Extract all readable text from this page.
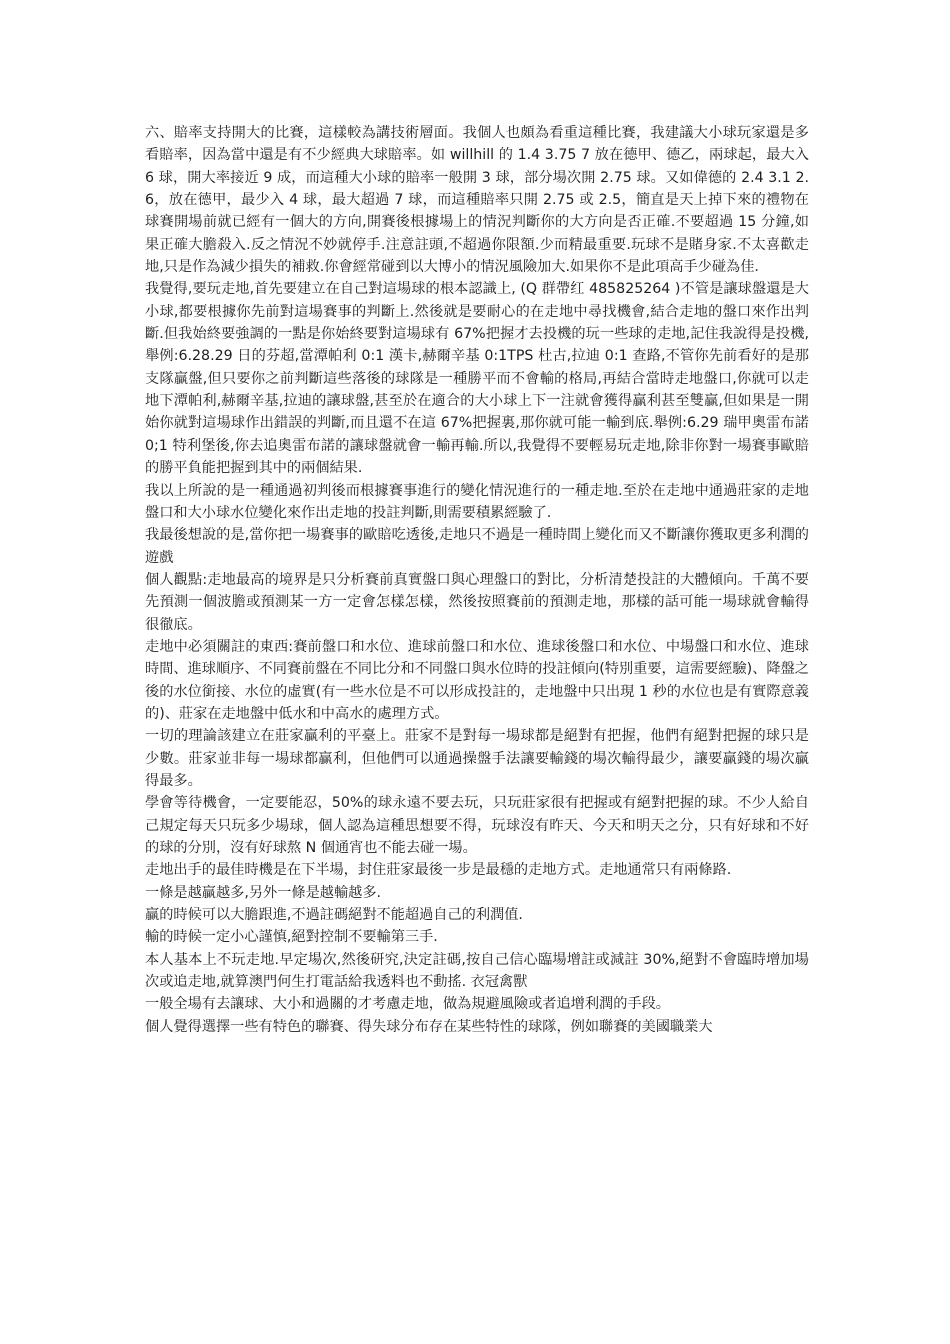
六、賠率支持開大的比賽，這樣較為講技術層面。我個人也頗為看重這種比賽，我建議大小球玩家還是多看賠率，因為當中還是有不少經典大球賠率。如 willhill 的 1.4 3.75 7 放在德甲、德乙，兩球起，最大入 6 球，開大率接近 9 成，而這種大小球的賠率一般開 3 球，部分場次開 2.75 球。又如偉德的 2.4 3.1 2.6，放在德甲，最少入 4 球，最大超過 7 球，而這種賠率只開 2.75 或 2.5，簡直是天上掉下來的禮物在球賽開場前就已經有一個大的方向,開賽後根據場上的情況判斷你的大方向是否正確.不要超過 15 分鐘,如果正確大膽殺入.反之情況不妙就停手.注意註頭,不超過你限額.少而精最重要.玩球不是賭身家.不太喜歡走地,只是作為減少損失的補救.你會經常碰到以大博小的情況風險加大.如果你不是此項高手少碰為佳.

我覺得,要玩走地,首先要建立在自己對這場球的根本認識上, (Q 群帶红 485825264 )不管是讓球盤還是大小球,都要根據你先前對這場賽事的判斷上.然後就是要耐心的在走地中尋找機會,結合走地的盤口來作出判斷.但我始終要強調的一點是你始終要對這場球有 67%把握才去投機的玩一些球的走地,記住我說得是投機,舉例:6.28.29 日的芬超,當潭帕利 0:1 漢卡,赫爾辛基 0:1TPS 杜古,拉迪 0:1 查路,不管你先前看好的是那支隊贏盤,但只要你之前判斷這些落後的球隊是一種勝平而不會輸的格局,再結合當時走地盤口,你就可以走地下潭帕利,赫爾辛基,拉迪的讓球盤,甚至於在適合的大小球上下一注就會獲得贏利甚至雙贏,但如果是一開始你就對這場球作出錯誤的判斷,而且還不在這 67%把握裏,那你就可能一輸到底.舉例:6.29 瑞甲奧雷布諾 0;1 特利堡後,你去追奧雷布諾的讓球盤就會一輸再輸.所以,我覺得不要輕易玩走地,除非你對一場賽事歐賠的勝平負能把握到其中的兩個結果.

我以上所說的是一種通過初判後而根據賽事進行的變化情況進行的一種走地.至於在走地中通過莊家的走地盤口和大小球水位變化來作出走地的投註判斷,則需要積累經驗了.

我最後想說的是,當你把一場賽事的歐賠吃透後,走地只不過是一種時間上變化而又不斷讓你獲取更多利潤的遊戲

個人觀點:走地最高的境界是只分析賽前真實盤口與心理盤口的對比，分析清楚投註的大體傾向。千萬不要先預測一個波膽或預測某一方一定會怎樣怎樣，然後按照賽前的預測走地，那樣的話可能一場球就會輸得很徹底。

走地中必須關註的東西:賽前盤口和水位、進球前盤口和水位、進球後盤口和水位、中場盤口和水位、進球時間、進球順序、不同賽前盤在不同比分和不同盤口與水位時的投註傾向(特別重要，這需要經驗)、降盤之後的水位銜接、水位的虛實(有一些水位是不可以形成投註的，走地盤中只出現 1 秒的水位也是有實際意義的)、莊家在走地盤中低水和中高水的處理方式。

一切的理論該建立在莊家贏利的平臺上。莊家不是對每一場球都是絕對有把握，他們有絕對把握的球只是少數。莊家並非每一場球都贏利，但他們可以通過操盤手法讓要輸錢的場次輸得最少，讓要贏錢的場次贏得最多。

學會等待機會，一定要能忍，50%的球永遠不要去玩，只玩莊家很有把握或有絕對把握的球。不少人給自己規定每天只玩多少場球，個人認為這種思想要不得，玩球沒有昨天、今天和明天之分，只有好球和不好的球的分別，沒有好球熬 N 個通宵也不能去碰一場。

走地出手的最佳時機是在下半場，封住莊家最後一步是最穩的走地方式。走地通常只有兩條路.

一條是越贏越多,另外一條是越輸越多.

贏的時候可以大膽跟進,不過註碼絕對不能超過自己的利潤值.

輸的時候一定小心謹慎,絕對控制不要輸第三手.

本人基本上不玩走地.早定場次,然後研究,決定註碼,按自己信心臨場增註或減註 30%,絕對不會臨時增加場次或追走地,就算澳門何生打電話給我透料也不動搖. 衣冠禽獸

一般全場有去讓球、大小和過關的才考慮走地，做為規避風險或者追增利潤的手段。

個人覺得選擇一些有特色的聯賽、得失球分布存在某些特性的球隊，例如聯賽的美國職業大
